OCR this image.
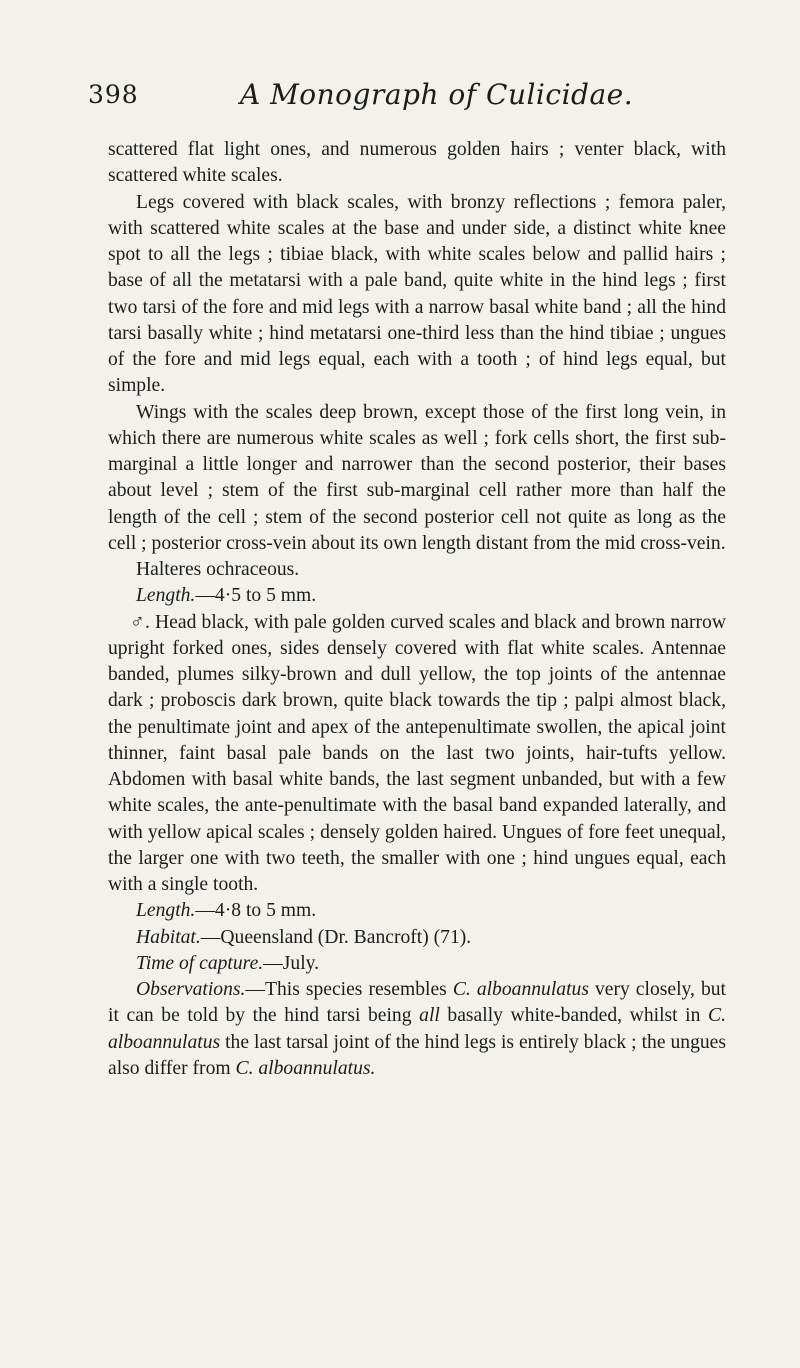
398	A Monograph of Culicidae.

scattered flat light ones, and numerous golden hairs ; venter black, with scattered white scales.

Legs covered with black scales, with bronzy reflections ; femora paler, with scattered white scales at the base and under side, a distinct white knee spot to all the legs ; tibiae black, with white scales below and pallid hairs ; base of all the metatarsi with a pale band, quite white in the hind legs ; first two tarsi of the fore and mid legs with a narrow basal white band ; all the hind tarsi basally white ; hind metatarsi one-third less than the hind tibiae ; ungues of the fore and mid legs equal, each with a tooth ; of hind legs equal, but simple.

Wings with the scales deep brown, except those of the first long vein, in which there are numerous white scales as well ; fork cells short, the first sub-marginal a little longer and narrower than the second posterior, their bases about level ; stem of the first sub-marginal cell rather more than half the length of the cell ; stem of the second posterior cell not quite as long as the cell ; posterior cross-vein about its own length distant from the mid cross-vein.

Halteres ochraceous.

Length.—4·5 to 5 mm.

♂. Head black, with pale golden curved scales and black and brown narrow upright forked ones, sides densely covered with flat white scales. Antennae banded, plumes silky-brown and dull yellow, the top joints of the antennae dark ; proboscis dark brown, quite black towards the tip ; palpi almost black, the penultimate joint and apex of the antepenultimate swollen, the apical joint thinner, faint basal pale bands on the last two joints, hair-tufts yellow. Abdomen with basal white bands, the last segment unbanded, but with a few white scales, the ante-penultimate with the basal band expanded laterally, and with yellow apical scales ; densely golden haired. Ungues of fore feet unequal, the larger one with two teeth, the smaller with one ; hind ungues equal, each with a single tooth.

Length.—4·8 to 5 mm.

Habitat.—Queensland (Dr. Bancroft) (71).

Time of capture.—July.

Observations.—This species resembles C. alboannulatus very closely, but it can be told by the hind tarsi being all basally white-banded, whilst in C. alboannulatus the last tarsal joint of the hind legs is entirely black ; the ungues also differ from C. alboannulatus.
